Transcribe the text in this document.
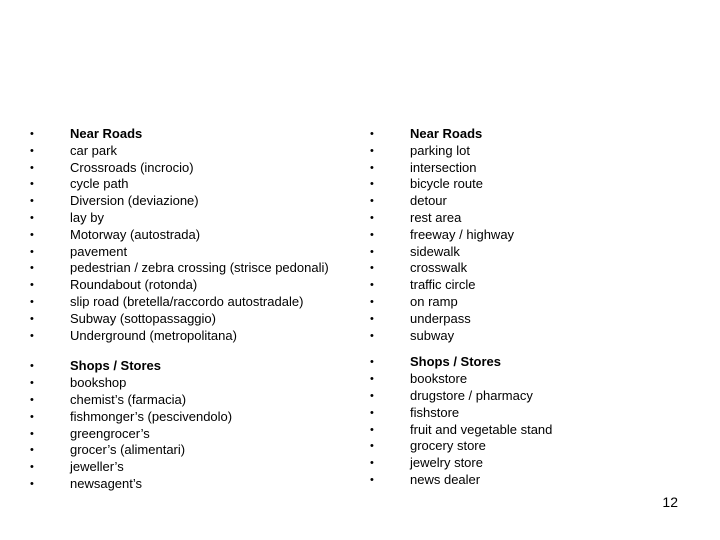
•	Near Roads
•	car park
•	Crossroads (incrocio)
•	cycle path
•	Diversion (deviazione)
•	lay by
•	Motorway (autostrada)
•	pavement
•	pedestrian / zebra crossing (strisce pedonali)
•	Roundabout (rotonda)
•	slip road (bretella/raccordo autostradale)
•	Subway (sottopassaggio)
•	Underground (metropolitana)
•	Shops / Stores
•	bookshop
•	chemist’s (farmacia)
•	fishmonger’s (pescivendolo)
•	greengrocer’s
•	grocer’s (alimentari)
•	jeweller’s
•	newsagent’s
•	Near Roads
•	parking lot
•	intersection
•	bicycle route
•	detour
•	rest area
•	freeway / highway
•	sidewalk
•	crosswalk
•	traffic circle
•	on ramp
•	underpass
•	subway
•	Shops / Stores
•	bookstore
•	drugstore / pharmacy
•	fishstore
•	fruit and vegetable stand
•	grocery store
•	jewelry store
•	news dealer
12
